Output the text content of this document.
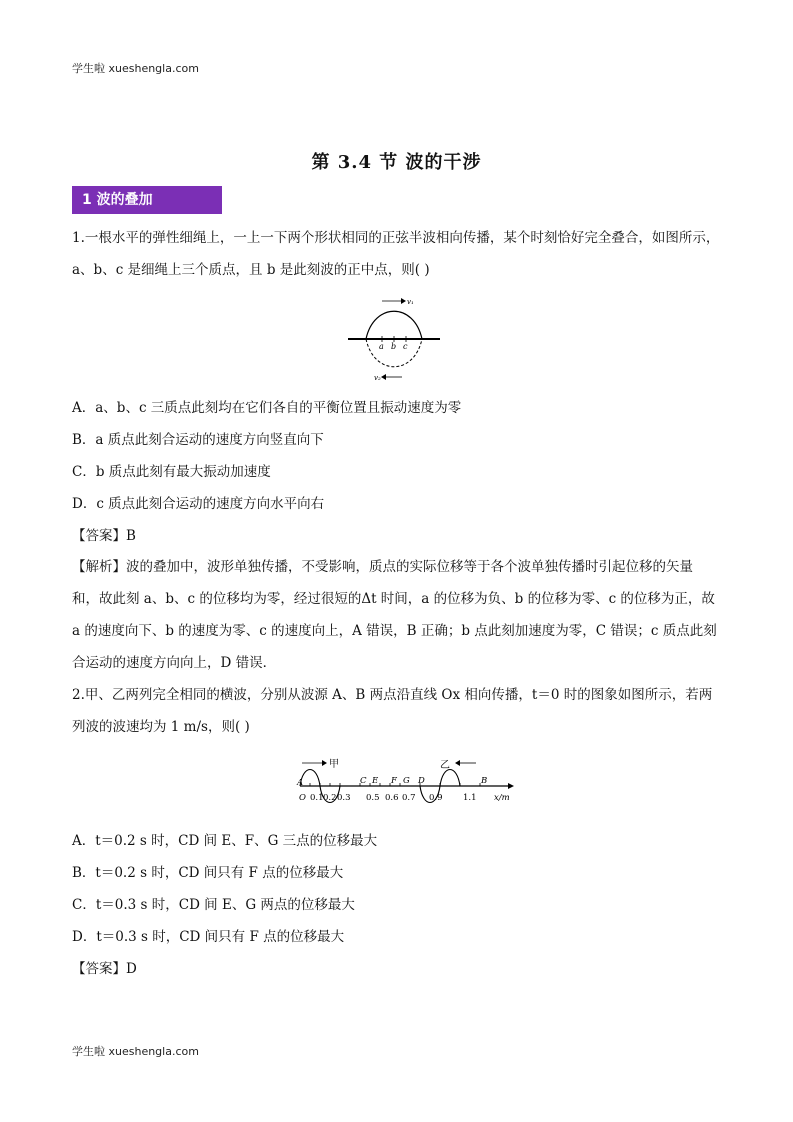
学生啦 xueshengla.com
第 3.4 节 波的干涉
1 波的叠加
1.一根水平的弹性细绳上，一上一下两个形状相同的正弦半波相向传播，某个时刻恰好完全叠合，如图所示，
a、b、c 是细绳上三个质点，且 b 是此刻波的正中点，则( )
v₁
a b c
v₂
A．a、b、c 三质点此刻均在它们各自的平衡位置且振动速度为零
B．a 质点此刻合运动的速度方向竖直向下
C．b 质点此刻有最大振动加速度
D．c 质点此刻合运动的速度方向水平向右
【答案】B
【解析】波的叠加中，波形单独传播，不受影响，质点的实际位移等于各个波单独传播时引起位移的矢量
和，故此刻 a、b、c 的位移均为零，经过很短的Δt 时间，a 的位移为负、b 的位移为零、c 的位移为正，故
a 的速度向下、b 的速度为零、c 的速度向上，A 错误，B 正确；b 点此刻加速度为零，C 错误；c 质点此刻
合运动的速度方向向上，D 错误．
2.甲、乙两列完全相同的横波，分别从波源 A、B 两点沿直线 Ox 相向传播，t＝0 时的图象如图所示，若两
列波的波速均为 1 m/s，则( )
甲	乙
A
O
C E F G D	B
0.1 0.2 0.3 0.5 0.6 0.7 0.9 1.1 x/m
A．t＝0.2 s 时，CD 间 E、F、G 三点的位移最大
B．t＝0.2 s 时，CD 间只有 F 点的位移最大
C．t＝0.3 s 时，CD 间 E、G 两点的位移最大
D．t＝0.3 s 时，CD 间只有 F 点的位移最大
【答案】D
学生啦 xueshengla.com
